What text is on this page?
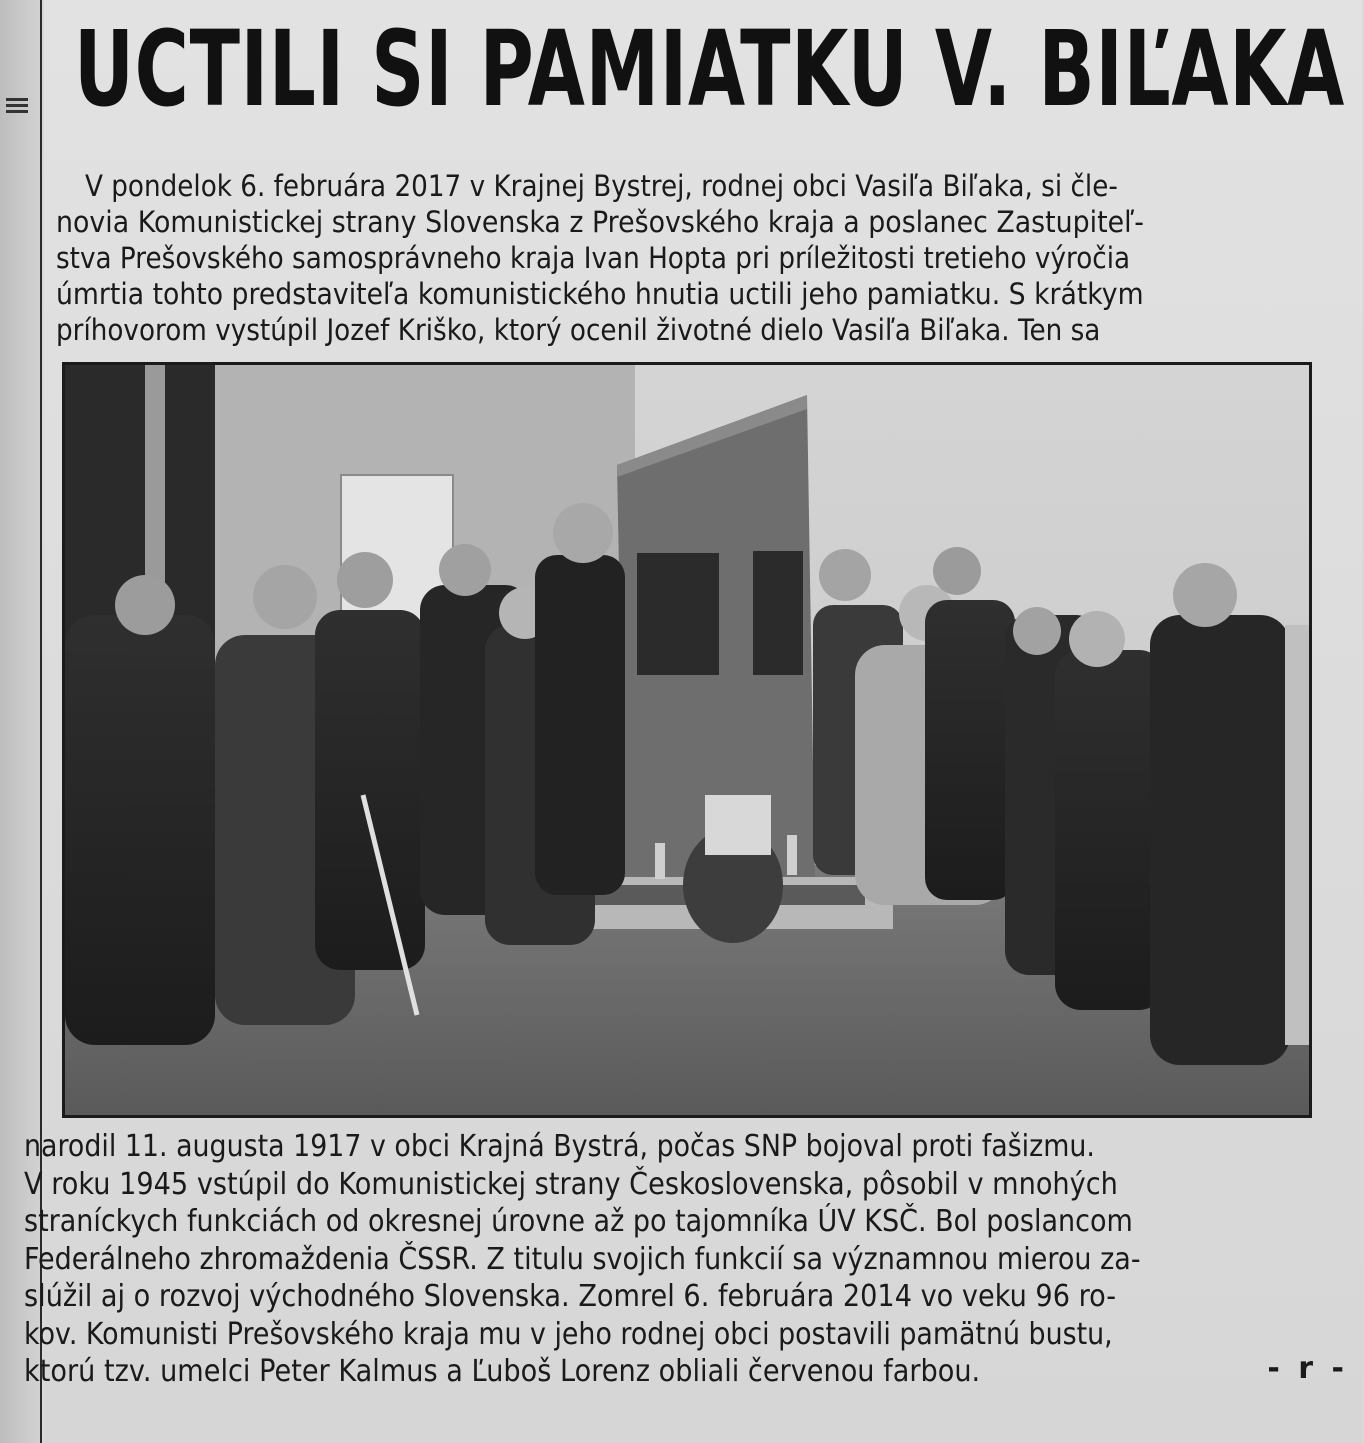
UCTILI SI PAMIATKU V. BIĽAKA
V pondelok 6. februára 2017 v Krajnej Bystrej, rodnej obci Vasiľa Biľaka, si čle-
novia Komunistickej strany Slovenska z Prešovského kraja a poslanec Zastupiteľ-
stva Prešovského samosprávneho kraja Ivan Hopta pri príležitosti tretieho výročia
úmrtia tohto predstaviteľa komunistického hnutia uctili jeho pamiatku. S krátkym
príhovorom vystúpil Jozef Kriško, ktorý ocenil životné dielo Vasiľa Biľaka. Ten sa
narodil 11. augusta 1917 v obci Krajná Bystrá, počas SNP bojoval proti fašizmu.
V roku 1945 vstúpil do Komunistickej strany Československa, pôsobil v mnohých
straníckych funkciách od okresnej úrovne až po tajomníka ÚV KSČ. Bol poslancom
Federálneho zhromaždenia ČSSR. Z titulu svojich funkcií sa významnou mierou za-
slúžil aj o rozvoj východného Slovenska. Zomrel 6. februára 2014 vo veku 96 ro-
kov. Komunisti Prešovského kraja mu v jeho rodnej obci postavili pamätnú bustu,
ktorú tzv. umelci Peter Kalmus a Ľuboš Lorenz obliali červenou farbou.	- r -
